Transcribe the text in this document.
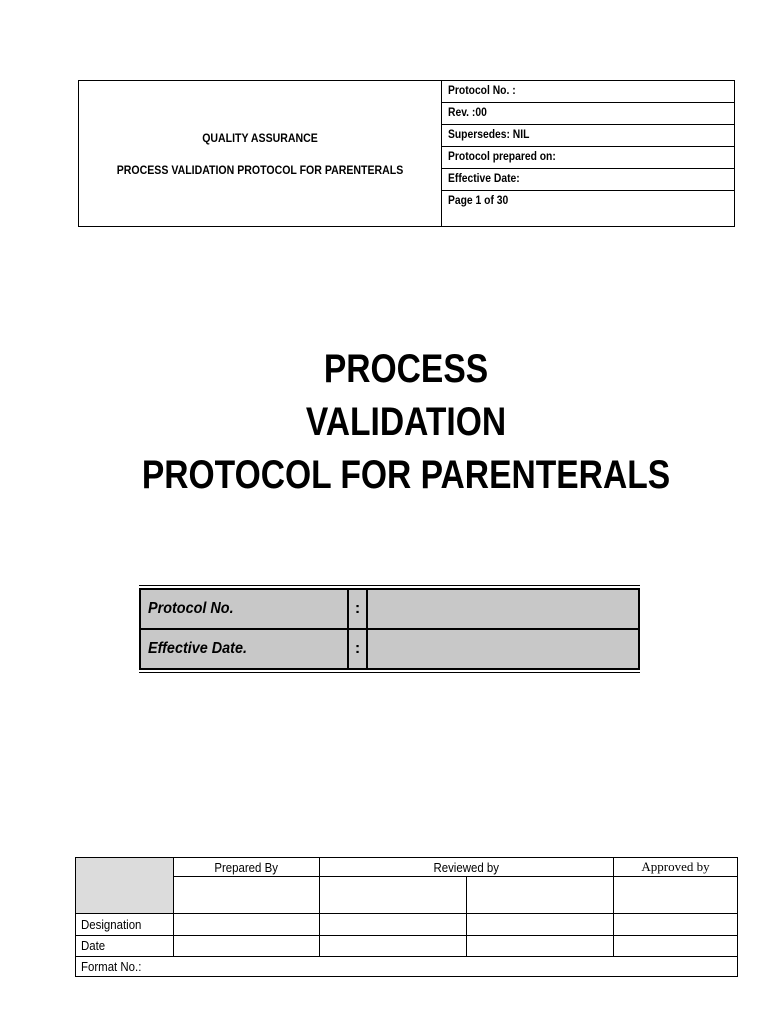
QUALITY ASSURANCE
PROCESS VALIDATION PROTOCOL FOR PARENTERALS
	Protocol No. :
Rev. :00
Supersedes: NIL
Protocol prepared on:
Effective Date:
Page 1 of 30
PROCESS
VALIDATION
PROTOCOL FOR PARENTERALS
Protocol No.	:	
Effective Date.	:	
	Prepared By	Reviewed by		Approved by

Designation				
Date				
Format No.:				
